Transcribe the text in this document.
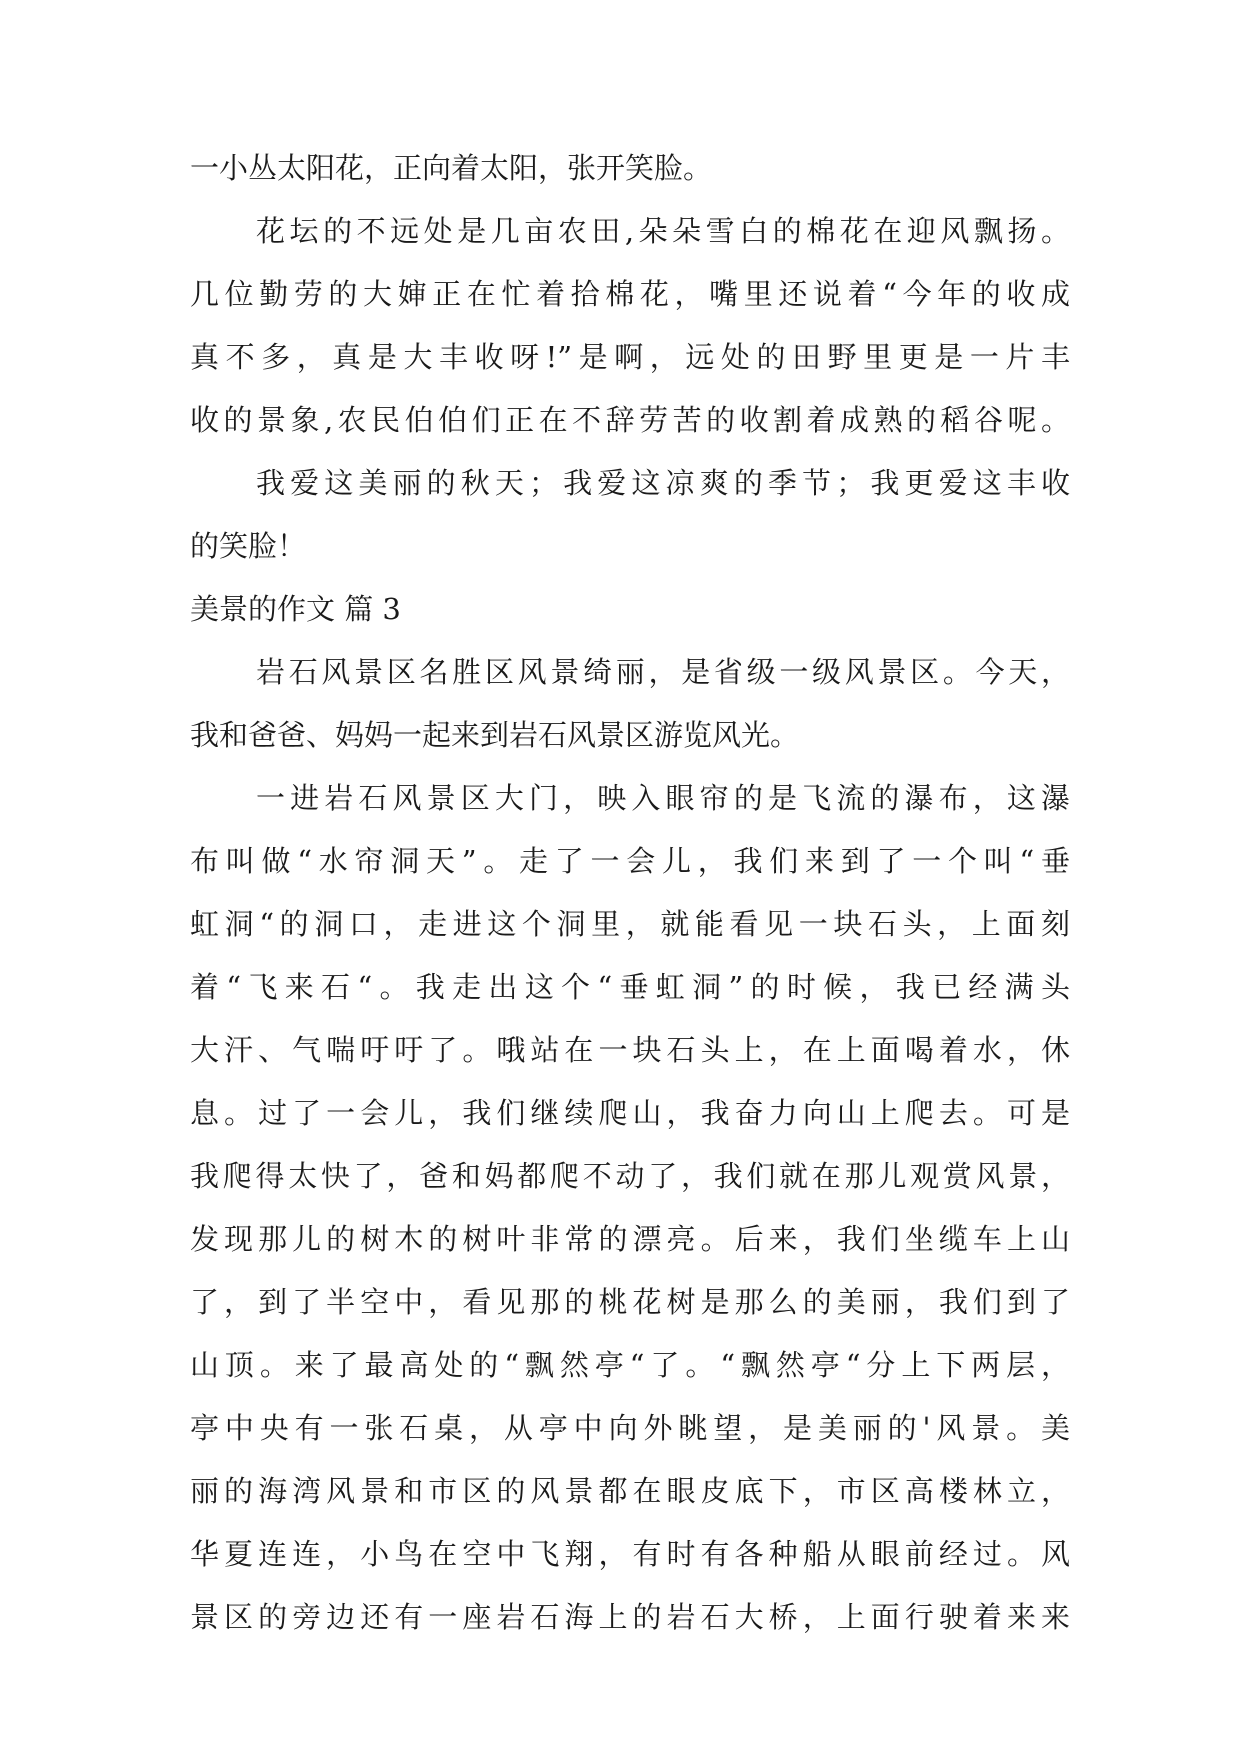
一小丛太阳花，正向着太阳，张开笑脸。
花坛的不远处是几亩农田,朵朵雪白的棉花在迎风飘扬。
几位勤劳的大婶正在忙着拾棉花，嘴里还说着“今年的收成
真不多，真是大丰收呀!”是啊，远处的田野里更是一片丰
收的景象,农民伯伯们正在不辞劳苦的收割着成熟的稻谷呢。
我爱这美丽的秋天；我爱这凉爽的季节；我更爱这丰收
的笑脸！
美景的作文 篇 3
岩石风景区名胜区风景绮丽，是省级一级风景区。今天，
我和爸爸、妈妈一起来到岩石风景区游览风光。
一进岩石风景区大门，映入眼帘的是飞流的瀑布，这瀑
布叫做“水帘洞天”。走了一会儿，我们来到了一个叫“垂
虹洞“的洞口，走进这个洞里，就能看见一块石头，上面刻
着“飞来石“。我走出这个“垂虹洞”的时候，我已经满头
大汗、气喘吁吁了。哦站在一块石头上，在上面喝着水，休
息。过了一会儿，我们继续爬山，我奋力向山上爬去。可是
我爬得太快了，爸和妈都爬不动了，我们就在那儿观赏风景，
发现那儿的树木的树叶非常的漂亮。后来，我们坐缆车上山
了，到了半空中，看见那的桃花树是那么的美丽，我们到了
山顶。来了最高处的“飘然亭“了。“飘然亭“分上下两层，
亭中央有一张石桌，从亭中向外眺望，是美丽的'风景。美
丽的海湾风景和市区的风景都在眼皮底下，市区高楼林立，
华夏连连，小鸟在空中飞翔，有时有各种船从眼前经过。风
景区的旁边还有一座岩石海上的岩石大桥，上面行驶着来来
